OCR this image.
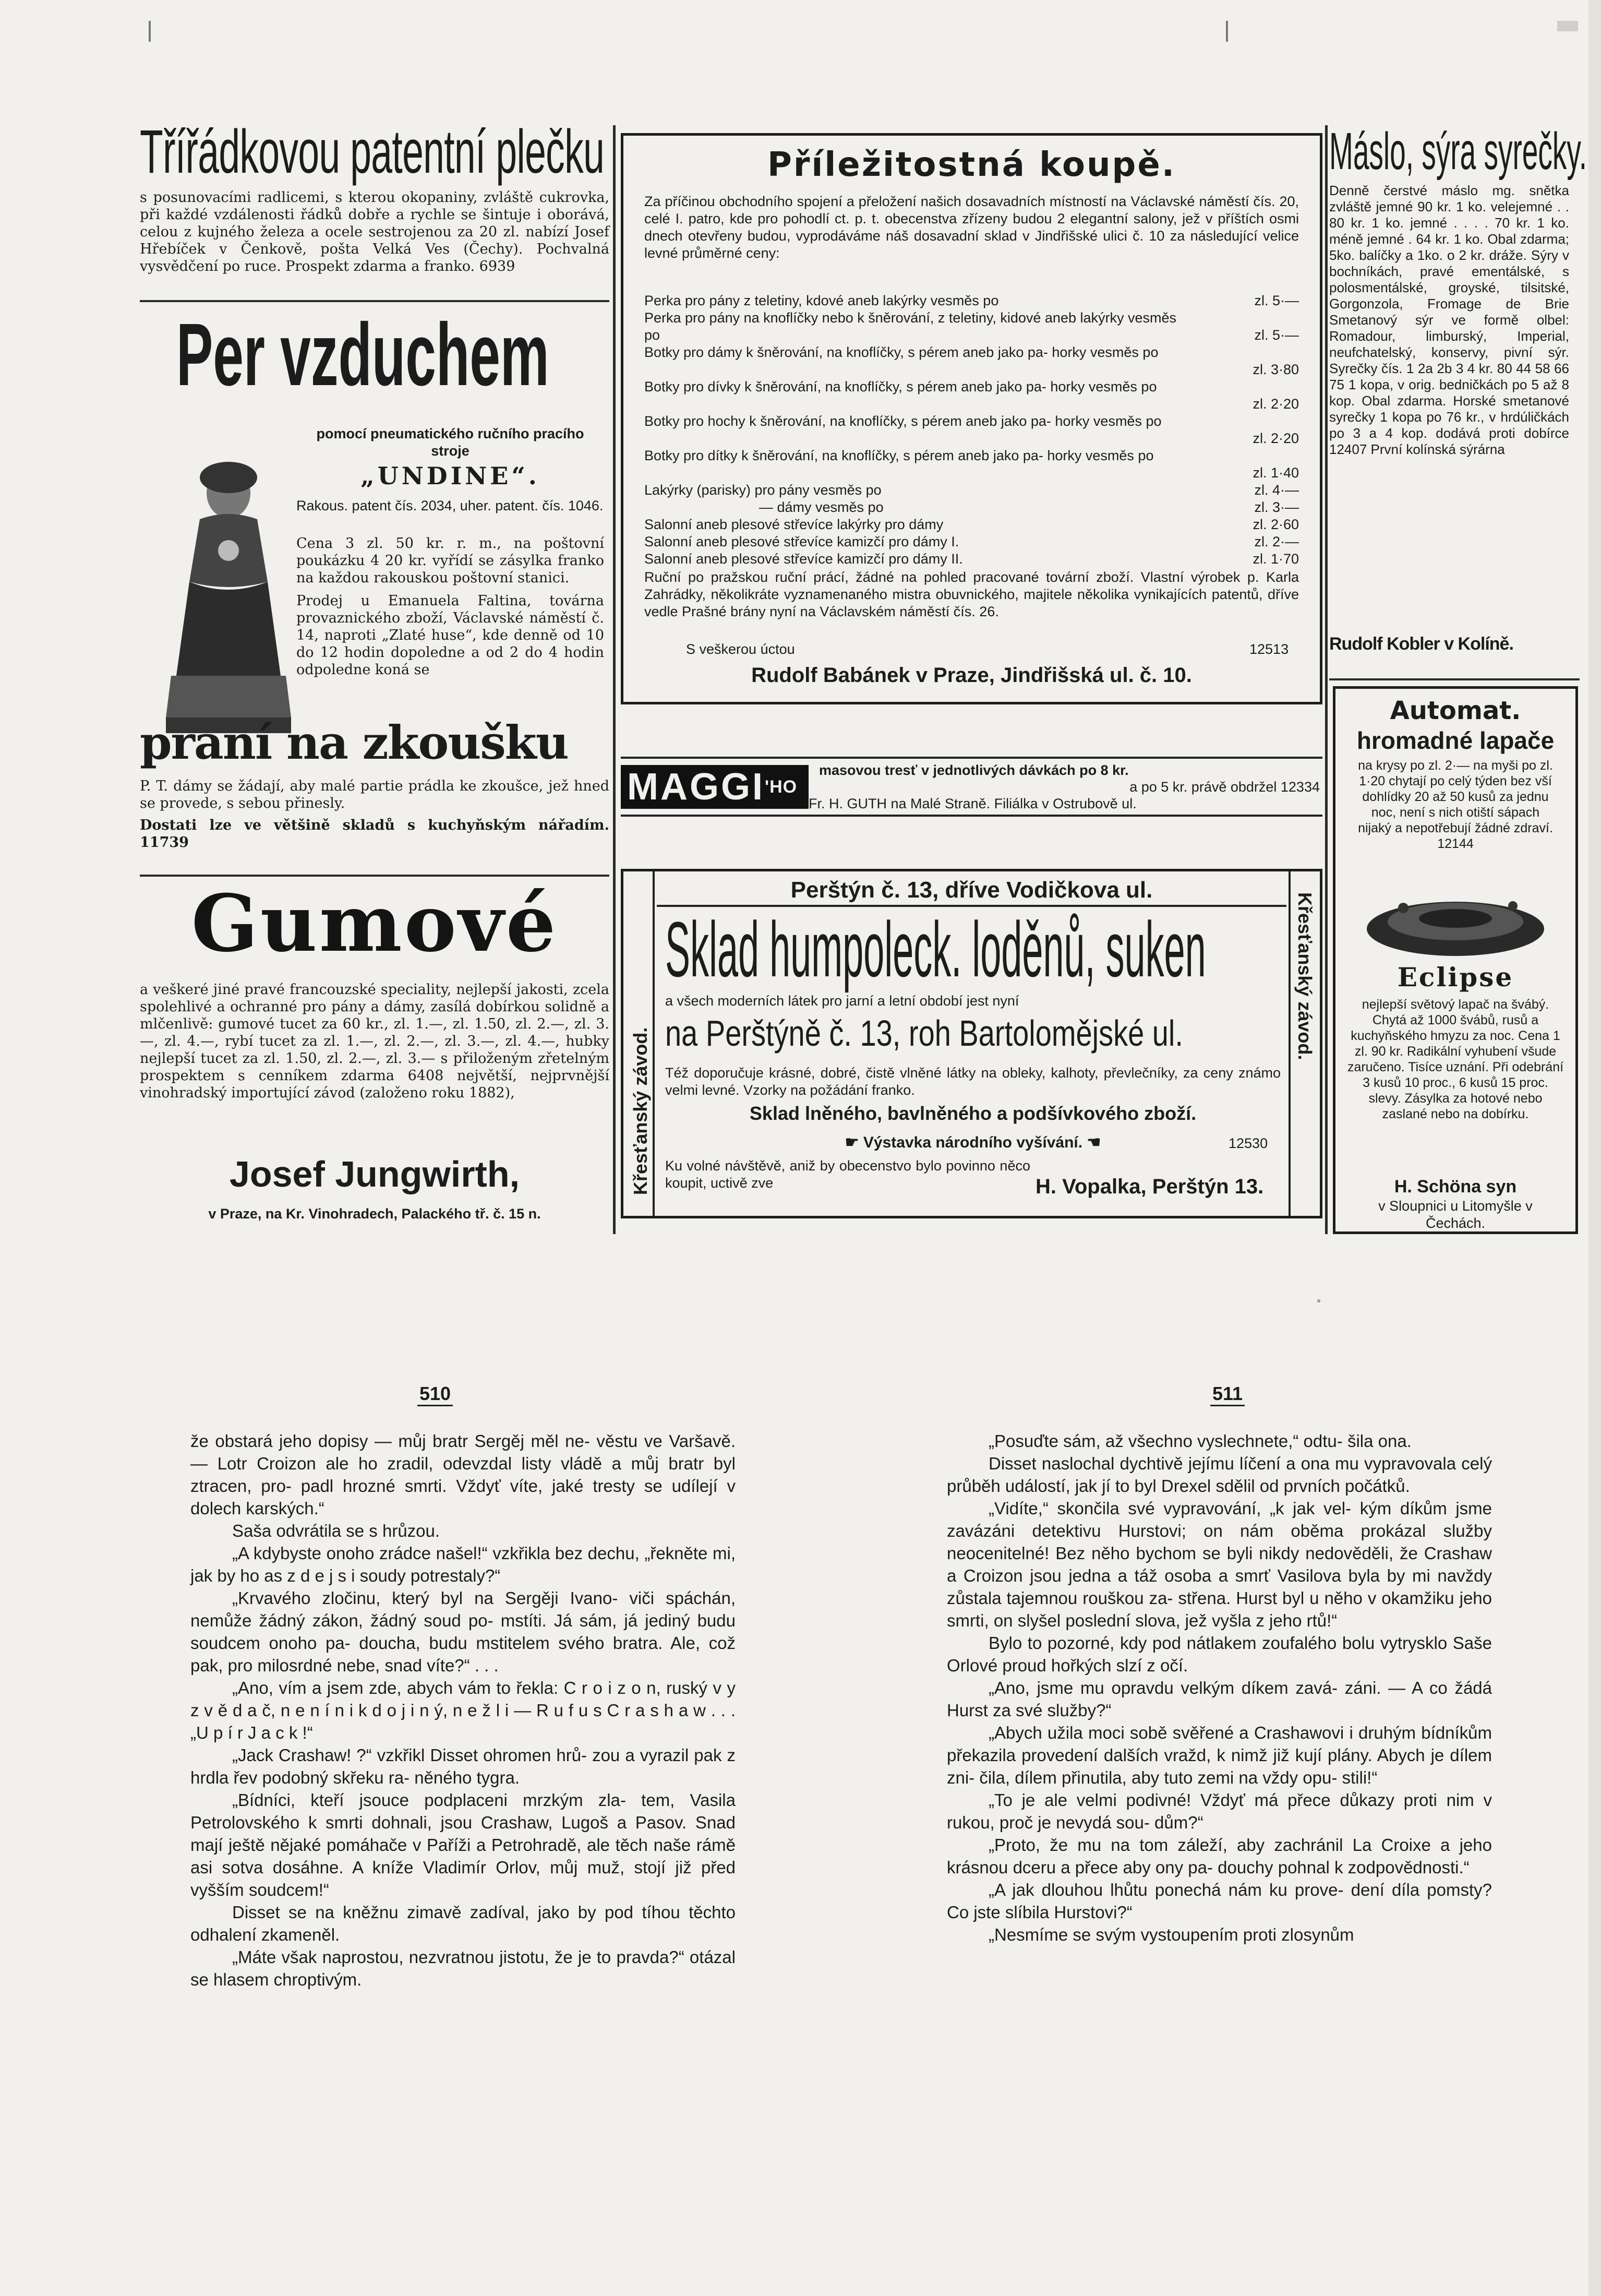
Třířádkovou patentní plečku

s posunovacími radlicemi, s kterou okopaniny, zvláště cukrovka, při každé vzdálenosti řádků dobře a rychle se šintuje i oborává, celou z kujného železa a ocele sestrojenou za 20 zl. nabízí Josef Hřebíček v Čenkově, pošta Velká Ves (Čechy). Pochvalná vysvědčení po ruce. Prospekt zdarma a franko. 6939

Per vzduchem

pomocí pneumatického ručního pracího stroje

„UNDINE“.

Rakous. patent čís. 2034, uher. patent. čís. 1046.

Cena 3 zl. 50 kr. r. m., na poštovní poukázku 4 20 kr. vyřídí se zásylka franko na každou rakouskou poštovní stanici.

Prodej u Emanuela Faltina, továrna provaznického zboží, Václavské náměstí č. 14, naproti „Zlaté huse“, kde denně od 10 do 12 hodin dopoledne a od 2 do 4 hodin odpoledne koná se

praní na zkoušku

P. T. dámy se žádají, aby malé partie prádla ke zkoušce, jež hned se provede, s sebou přinesly.

Dostati lze ve většině skladů s kuchyňským nářadím. 11739

Gumové

a veškeré jiné pravé francouzské speciality, nejlepší jakosti, zcela spolehlivé a ochranné pro pány a dámy, zasílá dobírkou solidně a mlčenlivě: gumové tucet za 60 kr., zl. 1.—, zl. 1.50, zl. 2.—, zl. 3.—, zl. 4.—, rybí tucet za zl. 1.—, zl. 2.—, zl. 3.—, zl. 4.—, hubky nejlepší tucet za zl. 1.50, zl. 2.—, zl. 3.— s přiloženým zřetelným prospektem s cenníkem zdarma 6408 největší, nejprvnější vinohradský importující závod (založeno roku 1882),

Josef Jungwirth,
v Praze, na Kr. Vinohradech, Palackého tř. č. 15 n.
Příležitostná koupě.

Za příčinou obchodního spojení a přeložení našich dosavadních místností na Václavské náměstí čís. 20, celé I. patro, kde pro pohodlí ct. p. t. obecenstva zřízeny budou 2 elegantní salony, jež v příštích osmi dnech otevřeny budou, vyprodáváme náš dosavadní sklad v Jindřišské ulici č. 10 za následující velice levné průměrné ceny:

Perka pro pány z teletiny, kdové aneb lakýrky vesměs po	zl. 5·—
Perka pro pány na knoflíčky nebo k šněrování, z teletiny, kidové aneb lakýrky vesměs po	zl. 5·—
Botky pro dámy k šněrování, na knoflíčky, s pérem aneb jako pa- horky vesměs po
zl. 3·80
Botky pro dívky k šněrování, na knoflíčky, s pérem aneb jako pa- horky vesměs po
zl. 2·20
Botky pro hochy k šněrování, na knoflíčky, s pérem aneb jako pa- horky vesměs po
zl. 2·20
Botky pro dítky k šněrování, na knoflíčky, s pérem aneb jako pa- horky vesměs po
zl. 1·40
Lakýrky (parisky) pro pány vesměs po	zl. 4·—
— dámy vesměs po	zl. 3·—
Salonní aneb plesové střevíce lakýrky pro dámy	zl. 2·60
Salonní aneb plesové střevíce kamizčí pro dámy I.	zl. 2·—
Salonní aneb plesové střevíce kamizčí pro dámy II.	zl. 1·70

Ruční po pražskou ruční prácí, žádné na pohled pracované tovární zboží. Vlastní výrobek p. Karla Zahrádky, několikráte vyznamenaného mistra obuvnického, majitele několika vynikajících patentů, dříve vedle Prašné brány nyní na Václavském náměstí čís. 26.

S veškerou úctou	12513
Rudolf Babánek v Praze, Jindřišská ul. č. 10.
$MAGGI^{'HO}$
masovou tresť v jednotlivých dávkách po 8 kr.
a po 5 kr. právě obdržel 12334
Fr. H. GUTH na Malé Straně. Filiálka v Ostrubově ul.
Křesťanský závod.
Křesťanský závod.
Perštýn č. 13, dříve Vodičkova ul.
Sklad humpoleck. loděnů, suken
a všech moderních látek pro jarní a letní období jest nyní
na Perštýně č. 13, roh Bartolomějské ul.

Též doporučuje krásné, dobré, čistě vlněné látky na obleky, kalhoty, převlečníky, za ceny známo velmi levné. Vzorky na požádání franko.

Sklad lněného, bavlněného a podšívkového zboží.
☛ Výstavka národního vyšívání. ☚	12530

Ku volné návštěvě, aniž by obecenstvo bylo povinno něco koupit, uctivě zve	H. Vopalka, Perštýn 13.
Máslo, sýra syrečky.

Denně čerstvé máslo mg. snětka zvláště jemné 90 kr. 1 ko. velejemné . . 80 kr. 1 ko. jemné . . . . 70 kr. 1 ko. méně jemné . 64 kr. 1 ko. Obal zdarma; 5ko. balíčky a 1ko. o 2 kr. dráže. Sýry v bochníkách, pravé ementálské, s polosmentálské, groyské, tilsitské, Gorgonzola, Fromage de Brie Smetanový sýr ve formě olbel: Romadour, limburský, Imperial, neufchatelský, konservy, pivní sýr. Syrečky čís. 1 2a 2b 3 4 kr. 80 44 58 66 75 1 kopa, v orig. bedničkách po 5 až 8 kop. Obal zdarma. Horské smetanové syrečky 1 kopa po 76 kr., v hrdúličkách po 3 a 4 kop. dodává proti dobírce 12407 První kolínská sýrárna

Rudolf Kobler v Kolíně.
Automat.
hromadné lapače

na krysy po zl. 2·— na myši po zl. 1·20 chytají po celý týden bez vší dohlídky 20 až 50 kusů za jednu noc, není s nich otiští sápach nijaký a nepotřebují žádné zdraví. 12144

Eclipse

nejlepší světový lapač na švábý. Chytá až 1000 švábů, rusů a kuchyňského hmyzu za noc. Cena 1 zl. 90 kr. Radikální vyhubení všude zaručeno. Tisíce uznání. Při odebrání 3 kusů 10 proc., 6 kusů 15 proc. slevy. Zásylka za hotové nebo zaslané nebo na dobírku.

H. Schöna syn

v Sloupnici u Litomyšle v Čechách.

510	511

že obstará jeho dopisy — můj bratr Sergěj měl ne- věstu ve Varšavě. — Lotr Croizon ale ho zradil, odevzdal listy vládě a můj bratr byl ztracen, pro- padl hrozné smrti. Vždyť víte, jaké tresty se udílejí v dolech karských.“

Saša odvrátila se s hrůzou.

„A kdybyste onoho zrádce našel!“ vzkřikla bez dechu, „řekněte mi, jak by ho as z d e j s i soudy potrestaly?“

„Krvavého zločinu, který byl na Sergěji Ivano- viči spáchán, nemůže žádný zákon, žádný soud po- mstíti. Já sám, já jediný budu soudcem onoho pa- doucha, budu mstitelem svého bratra. Ale, což pak, pro milosrdné nebe, snad víte?“ . . .

„Ano, vím a jsem zde, abych vám to řekla: C r o i z o n, ruský v y z v ě d a č, n e n í n i k d o j i n ý, n e ž l i — R u f u s C r a s h a w . . . „U p í r J a c k !“

„Jack Crashaw! ?“ vzkřikl Disset ohromen hrů- zou a vyrazil pak z hrdla řev podobný skřeku ra- něného tygra.

„Bídníci, kteří jsouce podplaceni mrzkým zla- tem, Vasila Petrolovského k smrti dohnali, jsou Crashaw, Lugoš a Pasov. Snad mají ještě nějaké pomáhače v Paříži a Petrohradě, ale těch naše rámě asi sotva dosáhne. A kníže Vladimír Orlov, můj muž, stojí již před vyšším soudcem!“

Disset se na kněžnu zimavě zadíval, jako by pod tíhou těchto odhalení zkameněl.

„Máte však naprostou, nezvratnou jistotu, že je to pravda?“ otázal se hlasem chroptivým.

„Posuďte sám, až všechno vyslechnete,“ odtu- šila ona.

Disset naslochal dychtivě jejímu líčení a ona mu vypravovala celý průběh událostí, jak jí to byl Drexel sdělil od prvních počátků.

„Vidíte,“ skončila své vypravování, „k jak vel- kým díkům jsme zavázáni detektivu Hurstovi; on nám oběma prokázal služby neocenitelné! Bez něho bychom se byli nikdy nedověděli, že Crashaw a Croizon jsou jedna a táž osoba a smrť Vasilova byla by mi navždy zůstala tajemnou rouškou za- střena. Hurst byl u něho v okamžiku jeho smrti, on slyšel poslední slova, jež vyšla z jeho rtů!“

Bylo to pozorné, kdy pod nátlakem zoufalého bolu vytrysklo Saše Orlové proud hořkých slzí z očí.

„Ano, jsme mu opravdu velkým díkem zavá- záni. — A co žádá Hurst za své služby?“

„Abych užila moci sobě svěřené a Crashawovi i druhým bídníkům překazila provedení dalších vražd, k nimž již kují plány. Abych je dílem zni- čila, dílem přinutila, aby tuto zemi na vždy opu- stili!“

„To je ale velmi podivné! Vždyť má přece důkazy proti nim v rukou, proč je nevydá sou- dům?“

„Proto, že mu na tom záleží, aby zachránil La Croixe a jeho krásnou dceru a přece aby ony pa- douchy pohnal k zodpovědnosti.“

„A jak dlouhou lhůtu ponechá nám ku prove- dení díla pomsty? Co jste slíbila Hurstovi?“

„Nesmíme se svým vystoupením proti zlosynům
